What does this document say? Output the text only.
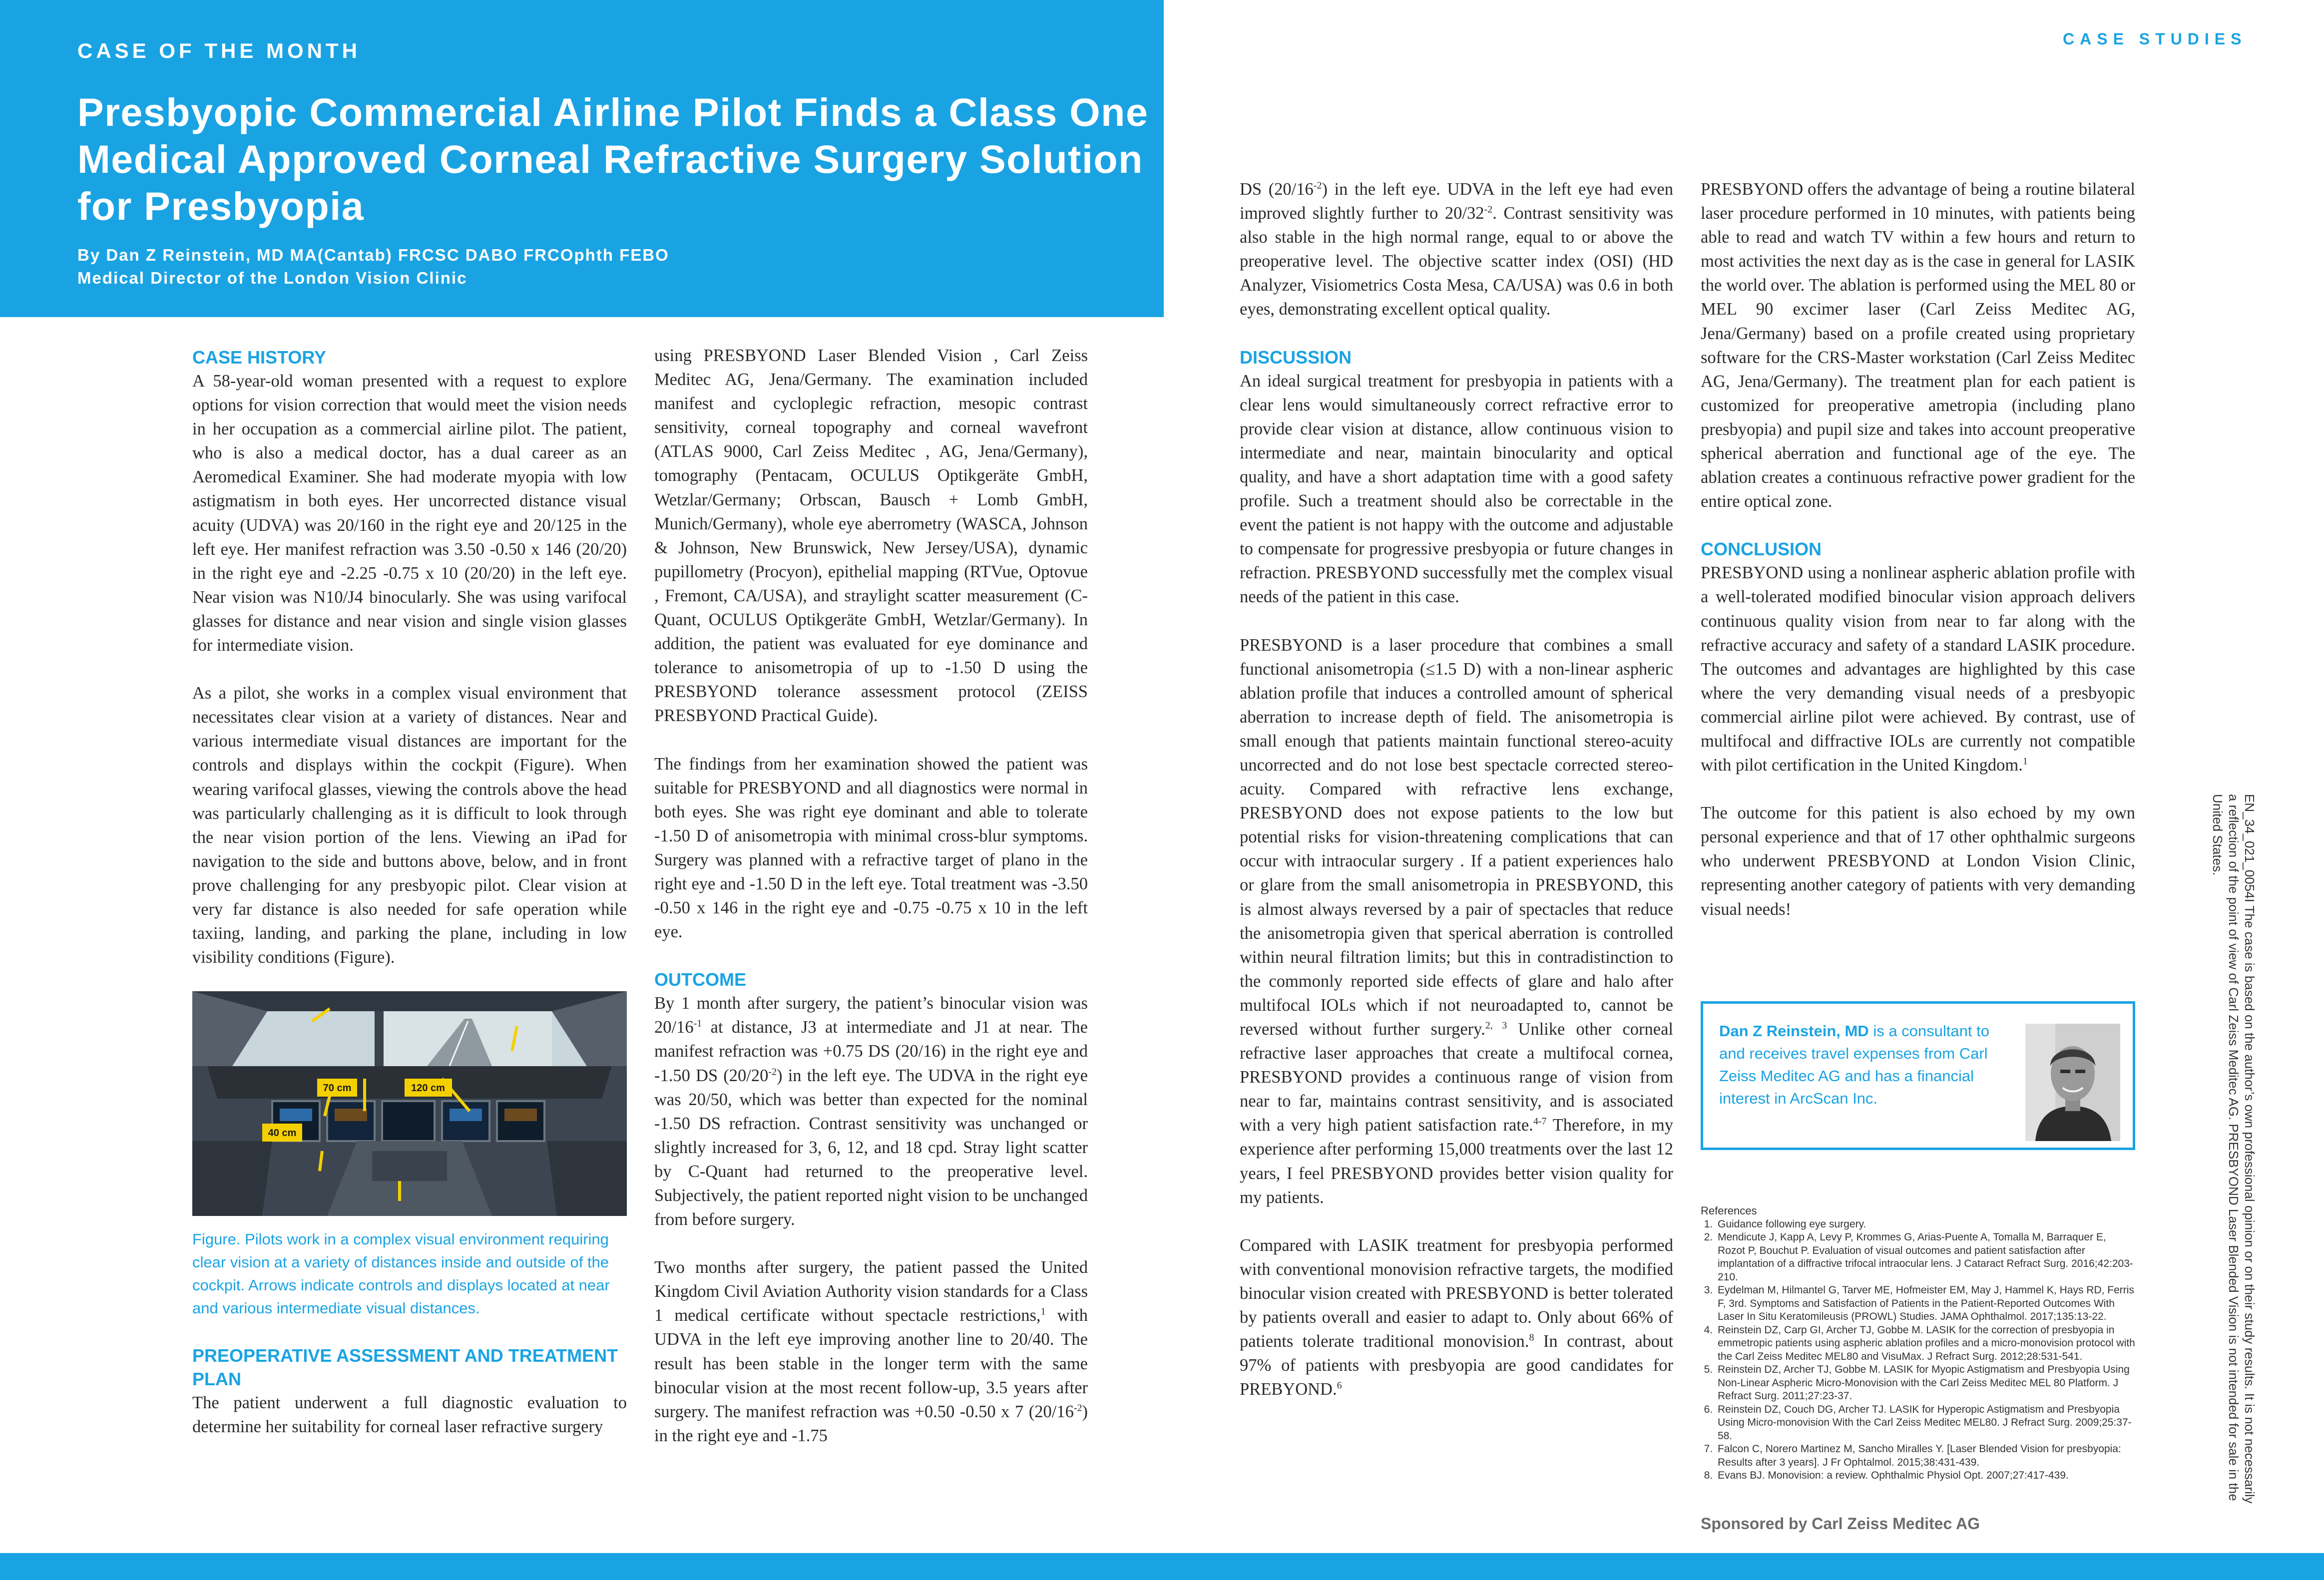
CASE OF THE MONTH
Presbyopic Commercial Airline Pilot Finds a Class One Medical Approved Corneal Refractive Surgery Solution for Presbyopia
By Dan Z Reinstein, MD MA(Cantab) FRCSC DABO FRCOphth FEBO
Medical Director of the London Vision Clinic
CASE STUDIES
CASE HISTORY

A 58-year-old woman presented with a request to explore options for vision correction that would meet the vision needs in her occupation as a commercial airline pilot. The patient, who is also a medical doctor, has a dual career as an Aeromedical Examiner. She had moderate myopia with low astigmatism in both eyes. Her uncorrected distance visual acuity (UDVA) was 20/160 in the right eye and 20/125 in the left eye. Her manifest refraction was 3.50 -0.50 x 146 (20/20) in the right eye and -2.25 -0.75 x 10 (20/20) in the left eye. Near vision was N10/J4 binocularly. She was using varifocal glasses for distance and near vision and single vision glasses for intermediate vision.

As a pilot, she works in a complex visual environment that necessitates clear vision at a variety of distances. Near and various intermediate visual distances are important for the controls and displays within the cockpit (Figure). When wearing varifocal glasses, viewing the controls above the head was particularly challenging as it is difficult to look through the near vision portion of the lens. Viewing an iPad for navigation to the side and buttons above, below, and in front prove challenging for any presbyopic pilot. Clear vision at very far distance is also needed for safe operation while taxiing, landing, and parking the plane, including in low visibility conditions (Figure).

40 cm
70 cm	120 cm

Figure. Pilots work in a complex visual environment requiring clear vision at a variety of distances inside and outside of the cockpit. Arrows indicate controls and displays located at near and various intermediate visual distances.

PREOPERATIVE ASSESSMENT AND TREATMENT PLAN

The patient underwent a full diagnostic evaluation to determine her suitability for corneal laser refractive surgery

using PRESBYOND Laser Blended Vision , Carl Zeiss Meditec AG, Jena/Germany. The examination included manifest and cycloplegic refraction, mesopic contrast sensitivity, corneal topography and corneal wavefront (ATLAS 9000, Carl Zeiss Meditec , AG, Jena/Germany), tomography (Pentacam, OCULUS Optikgeräte GmbH, Wetzlar/Germany; Orbscan, Bausch + Lomb GmbH, Munich/Germany), whole eye aberrometry (WASCA, Johnson & Johnson, New Brunswick, New Jersey/USA), dynamic pupillometry (Procyon), epithelial mapping (RTVue, Optovue , Fremont, CA/USA), and straylight scatter measurement (C-Quant, OCULUS Optikgeräte GmbH, Wetzlar/Germany). In addition, the patient was evaluated for eye dominance and tolerance to anisometropia of up to -1.50 D using the PRESBYOND tolerance assessment protocol (ZEISS PRESBYOND Practical Guide).

The findings from her examination showed the patient was suitable for PRESBYOND and all diagnostics were normal in both eyes. She was right eye dominant and able to tolerate -1.50 D of anisometropia with minimal cross-blur symptoms. Surgery was planned with a refractive target of plano in the right eye and -1.50 D in the left eye. Total treatment was -3.50 -0.50 x 146 in the right eye and -0.75 -0.75 x 10 in the left eye.

OUTCOME

By 1 month after surgery, the patient’s binocular vision was $20/16^{-1}$ at distance, J3 at intermediate and J1 at near. The manifest refraction was +0.75 DS (20/16) in the right eye and -1.50 DS $(20/20^{-2})$ in the left eye. The UDVA in the right eye was 20/50, which was better than expected for the nominal -1.50 DS refraction. Contrast sensitivity was unchanged or slightly increased for 3, 6, 12, and 18 cpd. Stray light scatter by C-Quant had returned to the preoperative level. Subjectively, the patient reported night vision to be unchanged from before surgery.

Two months after surgery, the patient passed the United Kingdom Civil Aviation Authority vision standards for a Class 1 medical certificate without spectacle restrictions,$^1$ with UDVA in the left eye improving another line to 20/40. The result has been stable in the longer term with the same binocular vision at the most recent follow-up, 3.5 years after surgery. The manifest refraction was +0.50 -0.50 x 7 $(20/16^{-2})$ in the right eye and -1.75

DS $(20/16^{-2})$ in the left eye. UDVA in the left eye had even improved slightly further to $20/32^{-2}$. Contrast sensitivity was also stable in the high normal range, equal to or above the preoperative level. The objective scatter index (OSI) (HD Analyzer, Visiometrics Costa Mesa, CA/USA) was 0.6 in both eyes, demonstrating excellent optical quality.

DISCUSSION

An ideal surgical treatment for presbyopia in patients with a clear lens would simultaneously correct refractive error to provide clear vision at distance, allow continuous vision to intermediate and near, maintain binocularity and optical quality, and have a short adaptation time with a good safety profile. Such a treatment should also be correctable in the event the patient is not happy with the outcome and adjustable to compensate for progressive presbyopia or future changes in refraction. PRESBYOND successfully met the complex visual needs of the patient in this case.

PRESBYOND is a laser procedure that combines a small functional anisometropia (≤1.5 D) with a non-linear aspheric ablation profile that induces a controlled amount of spherical aberration to increase depth of field. The anisometropia is small enough that patients maintain functional stereo-acuity uncorrected and do not lose best spectacle corrected stereo-acuity. Compared with refractive lens exchange, PRESBYOND does not expose patients to the low but potential risks for vision-threatening complications that can occur with intraocular surgery . If a patient experiences halo or glare from the small anisometropia in PRESBYOND, this is almost always reversed by a pair of spectacles that reduce the anisometropia given that sperical aberration is controlled within neural filtration limits; but this in contradistinction to the commonly reported side effects of glare and halo after multifocal IOLs which if not neuroadapted to, cannot be reversed without further surgery.$^{2, 3}$ Unlike other corneal refractive laser approaches that create a multifocal cornea, PRESBYOND provides a continuous range of vision from near to far, maintains contrast sensitivity, and is associated with a very high patient satisfaction rate.$^{4-7}$ Therefore, in my experience after performing 15,000 treatments over the last 12 years, I feel PRESBYOND provides better vision quality for my patients.

Compared with LASIK treatment for presbyopia performed with conventional monovision refractive targets, the modified binocular vision created with PRESBYOND is better tolerated by patients overall and easier to adapt to. Only about 66% of patients tolerate traditional monovision.$^8$ In contrast, about 97% of patients with presbyopia are good candidates for PREBYOND.$^6$

PRESBYOND offers the advantage of being a routine bilateral laser procedure performed in 10 minutes, with patients being able to read and watch TV within a few hours and return to most activities the next day as is the case in general for LASIK the world over. The ablation is performed using the MEL 80 or MEL 90 excimer laser (Carl Zeiss Meditec AG, Jena/Germany) based on a profile created using proprietary software for the CRS-Master workstation (Carl Zeiss Meditec AG, Jena/Germany). The treatment plan for each patient is customized for preoperative ametropia (including plano presbyopia) and pupil size and takes into account preoperative spherical aberration and functional age of the eye. The ablation creates a continuous refractive power gradient for the entire optical zone.

CONCLUSION

PRESBYOND using a nonlinear aspheric ablation profile with a well-tolerated modified binocular vision approach delivers continuous quality vision from near to far along with the refractive accuracy and safety of a standard LASIK procedure. The outcomes and advantages are highlighted by this case where the very demanding visual needs of a presbyopic commercial airline pilot were achieved. By contrast, use of multifocal and diffractive IOLs are currently not compatible with pilot certification in the United Kingdom.$^1$

The outcome for this patient is also echoed by my own personal experience and that of 17 other ophthalmic surgeons who underwent PRESBYOND at London Vision Clinic, representing another category of patients with very demanding visual needs!

Dan Z Reinstein, MD is a consultant to and receives travel expenses from Carl Zeiss Meditec AG and has a financial interest in ArcScan Inc.

References

1. Guidance following eye surgery.
2. Mendicute J, Kapp A, Levy P, Krommes G, Arias-Puente A, Tomalla M, Barraquer E, Rozot P, Bouchut P. Evaluation of visual outcomes and patient satisfaction after implantation of a diffractive trifocal intraocular lens. J Cataract Refract Surg. 2016;42:203-210.
3. Eydelman M, Hilmantel G, Tarver ME, Hofmeister EM, May J, Hammel K, Hays RD, Ferris F, 3rd. Symptoms and Satisfaction of Patients in the Patient-Reported Outcomes With Laser In Situ Keratomileusis (PROWL) Studies. JAMA Ophthalmol. 2017;135:13-22.
4. Reinstein DZ, Carp GI, Archer TJ, Gobbe M. LASIK for the correction of presbyopia in emmetropic patients using aspheric ablation profiles and a micro-monovision protocol with the Carl Zeiss Meditec MEL80 and VisuMax. J Refract Surg. 2012;28:531-541.
5. Reinstein DZ, Archer TJ, Gobbe M. LASIK for Myopic Astigmatism and Presbyopia Using Non-Linear Aspheric Micro-Monovision with the Carl Zeiss Meditec MEL 80 Platform. J Refract Surg. 2011;27:23-37.
6. Reinstein DZ, Couch DG, Archer TJ. LASIK for Hyperopic Astigmatism and Presbyopia Using Micro-monovision With the Carl Zeiss Meditec MEL80. J Refract Surg. 2009;25:37-58.
7. Falcon C, Norero Martinez M, Sancho Miralles Y. [Laser Blended Vision for presbyopia: Results after 3 years]. J Fr Ophtalmol. 2015;38:431-439.
8. Evans BJ. Monovision: a review. Ophthalmic Physiol Opt. 2007;27:417-439.
Sponsored by Carl Zeiss Meditec AG
EN_34_021_0054I The case is based on the author’s own professional opinion or on their study results. It is not necessarily a reflection of the point of view of Carl Zeiss Meditec AG. PRESBYOND Laser Blended Vision is not intended for sale in the United States.
